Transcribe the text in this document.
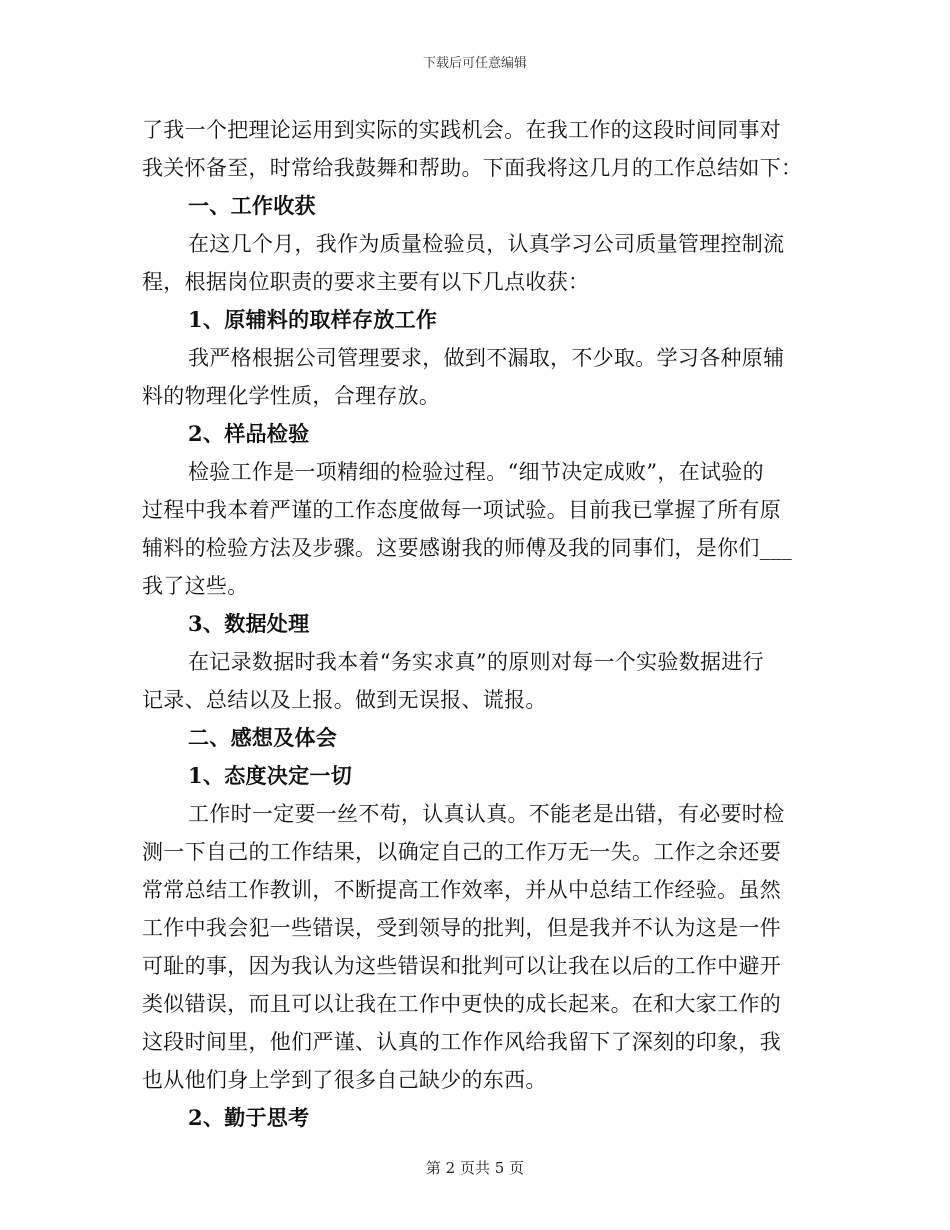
下载后可任意编辑
了我一个把理论运用到实际的实践机会。在我工作的这段时间同事对
我关怀备至，时常给我鼓舞和帮助。下面我将这几月的工作总结如下：
一、工作收获
在这几个月，我作为质量检验员，认真学习公司质量管理控制流
程，根据岗位职责的要求主要有以下几点收获：
1、原辅料的取样存放工作
我严格根据公司管理要求，做到不漏取，不少取。学习各种原辅
料的物理化学性质，合理存放。
2、样品检验
检验工作是一项精细的检验过程。“细节决定成败”，在试验的
过程中我本着严谨的工作态度做每一项试验。目前我已掌握了所有原
辅料的检验方法及步骤。这要感谢我的师傅及我的同事们，是你们___
我了这些。
3、数据处理
在记录数据时我本着“务实求真”的原则对每一个实验数据进行
记录、总结以及上报。做到无误报、谎报。
二、感想及体会
1、态度决定一切
工作时一定要一丝不苟，认真认真。不能老是出错，有必要时检
测一下自己的工作结果，以确定自己的工作万无一失。工作之余还要
常常总结工作教训，不断提高工作效率，并从中总结工作经验。虽然
工作中我会犯一些错误，受到领导的批判，但是我并不认为这是一件
可耻的事，因为我认为这些错误和批判可以让我在以后的工作中避开
类似错误，而且可以让我在工作中更快的成长起来。在和大家工作的
这段时间里，他们严谨、认真的工作作风给我留下了深刻的印象，我
也从他们身上学到了很多自己缺少的东西。
2、勤于思考
第 2 页共 5 页
